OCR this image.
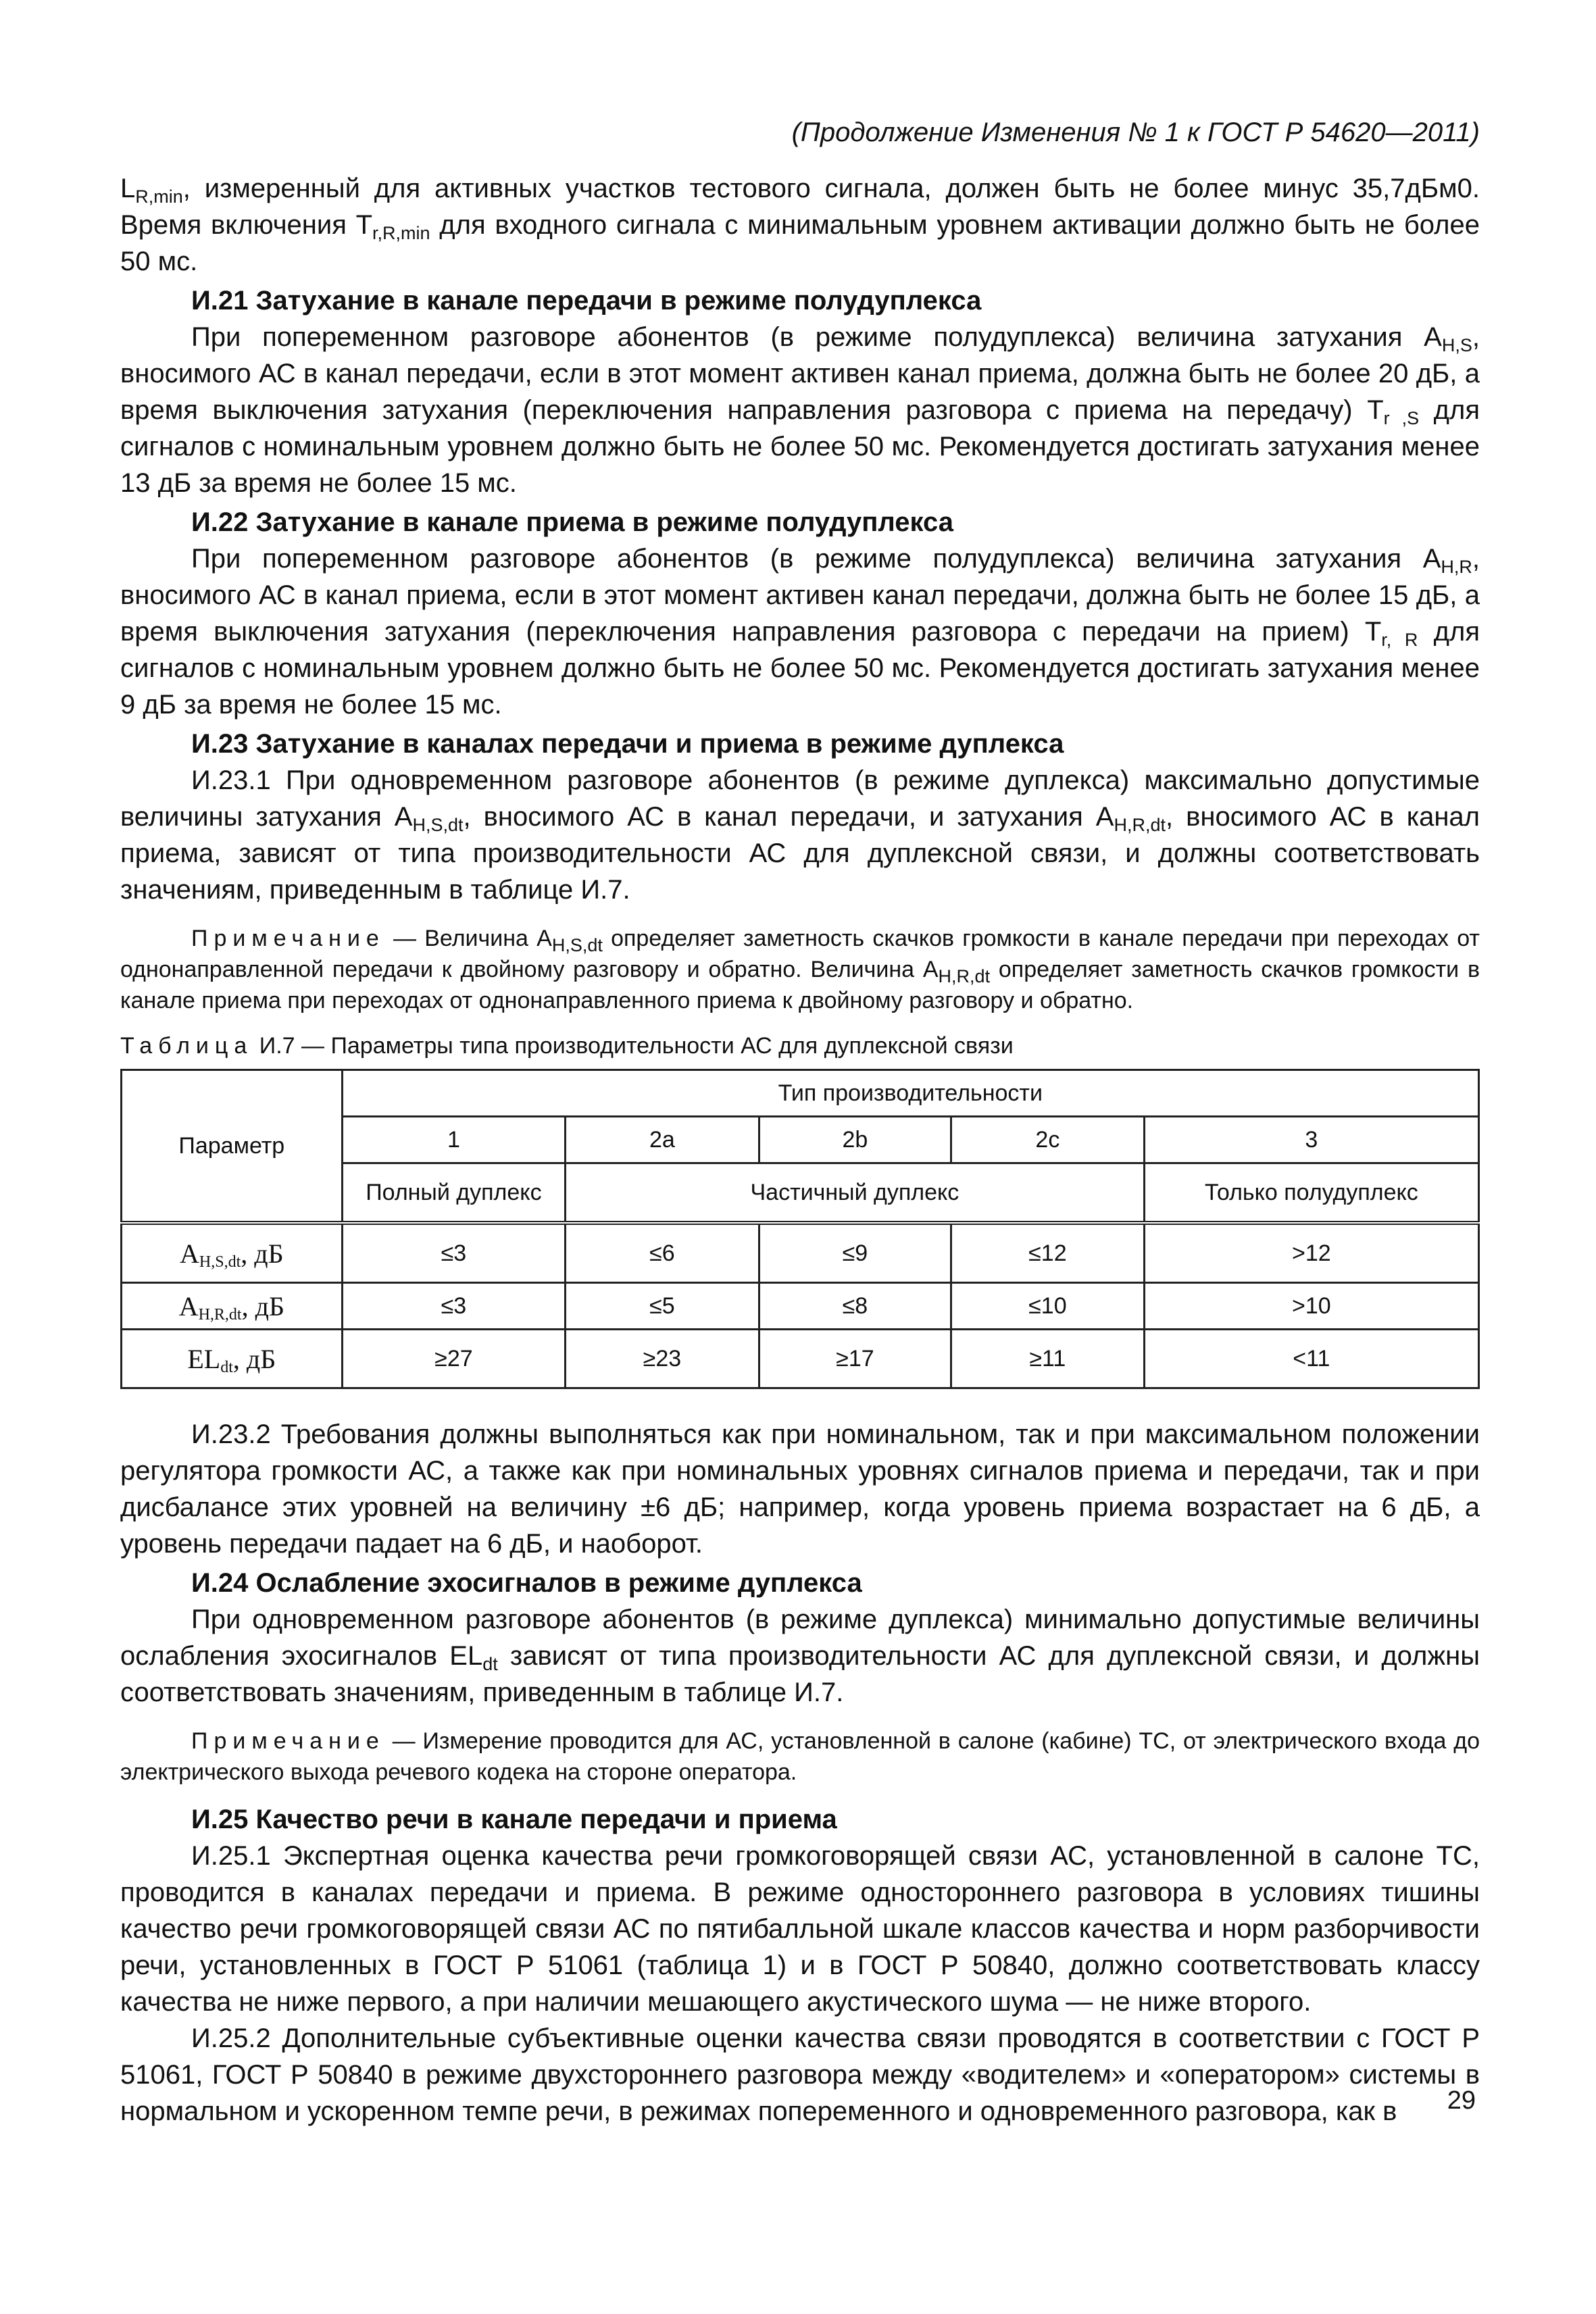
(Продолжение Изменения № 1 к ГОСТ Р 54620—2011)

$L_{R,min}$, измеренный для активных участков тестового сигнала, должен быть не более минус 35,7дБм0. Время включения $T_{r,R,min}$ для входного сигнала с минимальным уровнем активации должно быть не более 50 мс.

И.21 Затухание в канале передачи в режиме полудуплекса

При попеременном разговоре абонентов (в режиме полудуплекса) величина затухания $A_{H,S}$, вносимого АС в канал передачи, если в этот момент активен канал приема, должна быть не более 20 дБ, а время выключения затухания (переключения направления разговора с приема на передачу) $T_{r ,S}$ для сигналов с номинальным уровнем должно быть не более 50 мс. Рекомендуется достигать затухания менее 13 дБ за время не более 15 мс.

И.22 Затухание в канале приема в режиме полудуплекса

При попеременном разговоре абонентов (в режиме полудуплекса) величина затухания $A_{H,R}$, вносимого АС в канал приема, если в этот момент активен канал передачи, должна быть не более 15 дБ, а время выключения затухания (переключения направления разговора с передачи на прием) $T_{r, R}$ для сигналов с номинальным уровнем должно быть не более 50 мс. Рекомендуется достигать затухания менее 9 дБ за время не более 15 мс.

И.23 Затухание в каналах передачи и приема в режиме дуплекса

И.23.1 При одновременном разговоре абонентов (в режиме дуплекса) максимально допустимые величины затухания $A_{H,S,dt}$, вносимого АС в канал передачи, и затухания $A_{H,R,dt}$, вносимого АС в канал приема, зависят от типа производительности АС для дуплексной связи, и должны соответствовать значениям, приведенным в таблице И.7.

Примечание — Величина $A_{H,S,dt}$ определяет заметность скачков громкости в канале передачи при переходах от однонаправленной передачи к двойному разговору и обратно. Величина $A_{H,R,dt}$ определяет заметность скачков громкости в канале приема при переходах от однонаправленного приема к двойному разговору и обратно.
Таблица И.7 — Параметры типа производительности АС для дуплексной связи
Параметр	Тип производительности				
	1	2a	2b	2c	3
	Полный дуплекс	Частичный дуплекс			Только полудуплекс
$A_{H,S,dt}$, дБ	≤3	≤6	≤9	≤12	>12
$A_{H,R,dt}$, дБ	≤3	≤5	≤8	≤10	>10
$EL_{dt}$, дБ	≥27	≥23	≥17	≥11	<11

И.23.2 Требования должны выполняться как при номинальном, так и при максимальном положении регулятора громкости АС, а также как при номинальных уровнях сигналов приема и передачи, так и при дисбалансе этих уровней на величину ±6 дБ; например, когда уровень приема возрастает на 6 дБ, а уровень передачи падает на 6 дБ, и наоборот.

И.24 Ослабление эхосигналов в режиме дуплекса

При одновременном разговоре абонентов (в режиме дуплекса) минимально допустимые величины ослабления эхосигналов $EL_{dt}$ зависят от типа производительности АС для дуплексной связи, и должны соответствовать значениям, приведенным в таблице И.7.

Примечание — Измерение проводится для АС, установленной в салоне (кабине) ТС, от электрического входа до электрического выхода речевого кодека на стороне оператора.
И.25 Качество речи в канале передачи и приема

И.25.1 Экспертная оценка качества речи громкоговорящей связи АС, установленной в салоне ТС, проводится в каналах передачи и приема. В режиме одностороннего разговора в условиях тишины качество речи громкоговорящей связи АС по пятибалльной шкале классов качества и норм разборчивости речи, установленных в ГОСТ Р 51061 (таблица 1) и в ГОСТ Р 50840, должно соответствовать классу качества не ниже первого, а при наличии мешающего акустического шума — не ниже второго.

И.25.2 Дополнительные субъективные оценки качества связи проводятся в соответствии с ГОСТ Р 51061, ГОСТ Р 50840 в режиме двухстороннего разговора между «водителем» и «оператором» системы в нормальном и ускоренном темпе речи, в режимах попеременного и одновременного разговора, как в	29
